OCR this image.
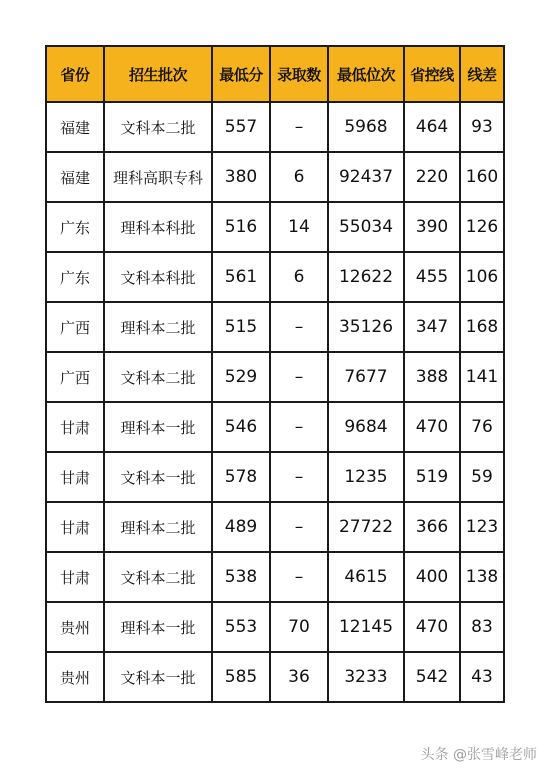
省份	招生批次	最低分	录取数	最低位次	省控线	线差
福建	文科本二批	557	–	5968	464	93
福建	理科高职专科	380	6	92437	220	160
广东	理科本科批	516	14	55034	390	126
广东	文科本科批	561	6	12622	455	106
广西	理科本二批	515	–	35126	347	168
广西	文科本二批	529	–	7677	388	141
甘肃	理科本一批	546	–	9684	470	76
甘肃	文科本一批	578	–	1235	519	59
甘肃	理科本二批	489	–	27722	366	123
甘肃	文科本二批	538	–	4615	400	138
贵州	理科本一批	553	70	12145	470	83
贵州	文科本一批	585	36	3233	542	43
头条 @张雪峰老师
